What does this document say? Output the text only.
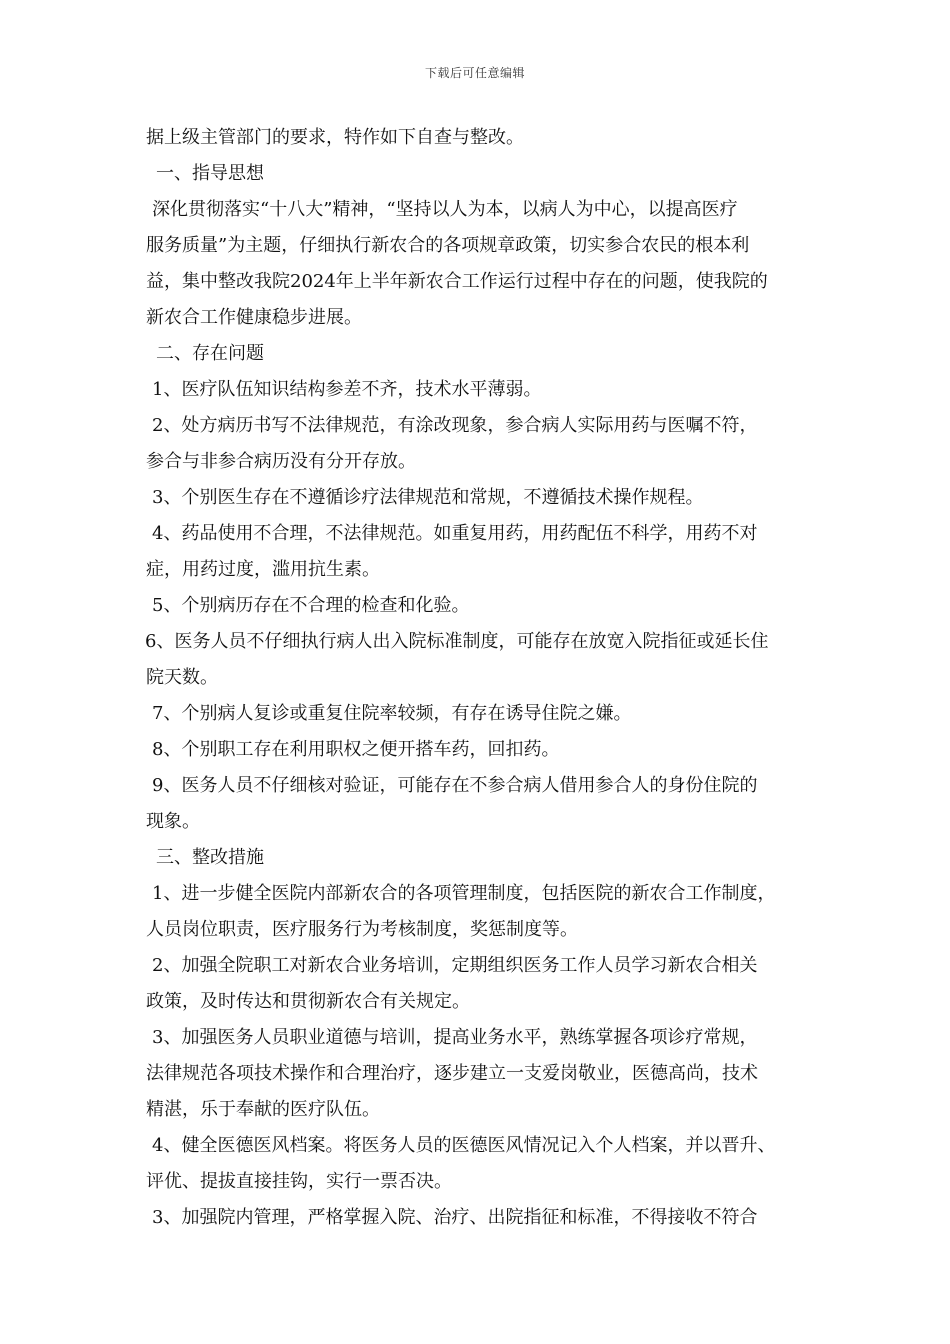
下载后可任意编辑
据上级主管部门的要求，特作如下自查与整改。
一、指导思想
深化贯彻落实“十八大”精神，“坚持以人为本，以病人为中心，以提高医疗
服务质量”为主题，仔细执行新农合的各项规章政策，切实参合农民的根本利
益，集中整改我院2024年上半年新农合工作运行过程中存在的问题，使我院的
新农合工作健康稳步进展。
二、存在问题
1、医疗队伍知识结构参差不齐，技术水平薄弱。
2、处方病历书写不法律规范，有涂改现象，参合病人实际用药与医嘱不符，
参合与非参合病历没有分开存放。
3、个别医生存在不遵循诊疗法律规范和常规，不遵循技术操作规程。
4、药品使用不合理，不法律规范。如重复用药，用药配伍不科学，用药不对
症，用药过度，滥用抗生素。
5、个别病历存在不合理的检查和化验。
6、医务人员不仔细执行病人出入院标准制度，可能存在放宽入院指征或延长住
院天数。
7、个别病人复诊或重复住院率较频，有存在诱导住院之嫌。
8、个别职工存在利用职权之便开搭车药，回扣药。
9、医务人员不仔细核对验证，可能存在不参合病人借用参合人的身份住院的
现象。
三、整改措施
1、进一步健全医院内部新农合的各项管理制度，包括医院的新农合工作制度，
人员岗位职责，医疗服务行为考核制度，奖惩制度等。
2、加强全院职工对新农合业务培训，定期组织医务工作人员学习新农合相关
政策，及时传达和贯彻新农合有关规定。
3、加强医务人员职业道德与培训，提高业务水平，熟练掌握各项诊疗常规，
法律规范各项技术操作和合理治疗，逐步建立一支爱岗敬业，医德高尚，技术
精湛，乐于奉献的医疗队伍。
4、健全医德医风档案。将医务人员的医德医风情况记入个人档案，并以晋升、
评优、提拔直接挂钩，实行一票否决。
3、加强院内管理，严格掌握入院、治疗、出院指征和标准，不得接收不符合
